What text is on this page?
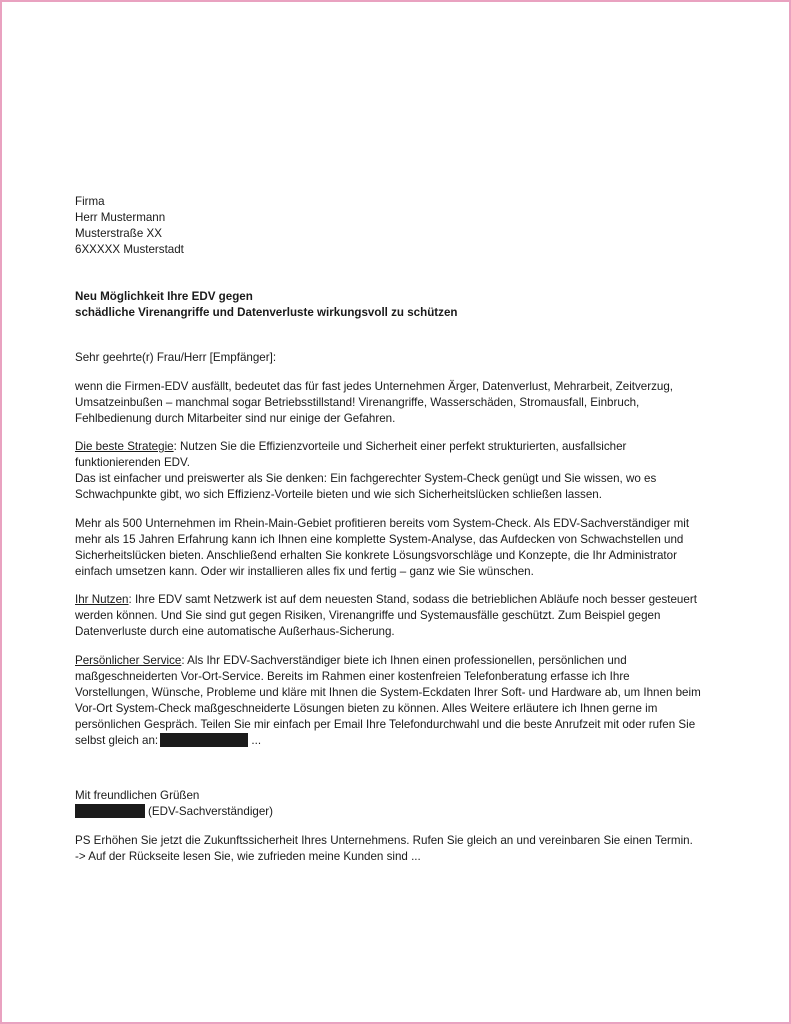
Firma
Herr Mustermann
Musterstraße XX
6XXXXX Musterstadt
Neu Möglichkeit Ihre EDV gegen
schädliche Virenangriffe und Datenverluste wirkungsvoll zu schützen
Sehr geehrte(r) Frau/Herr [Empfänger]:
wenn die Firmen-EDV ausfällt, bedeutet das für fast jedes Unternehmen Ärger, Datenverlust, Mehrarbeit, Zeitverzug,
Umsatzeinbußen – manchmal sogar Betriebsstillstand! Virenangriffe, Wasserschäden, Stromausfall, Einbruch,
Fehlbedienung durch Mitarbeiter sind nur einige der Gefahren.
Die beste Strategie: Nutzen Sie die Effizienzvorteile und Sicherheit einer perfekt strukturierten, ausfallsicher
funktionierenden EDV.
Das ist einfacher und preiswerter als Sie denken: Ein fachgerechter System-Check genügt und Sie wissen, wo es
Schwachpunkte gibt, wo sich Effizienz-Vorteile bieten und wie sich Sicherheitslücken schließen lassen.
Mehr als 500 Unternehmen im Rhein-Main-Gebiet profitieren bereits vom System-Check. Als EDV-Sachverständiger mit
mehr als 15 Jahren Erfahrung kann ich Ihnen eine komplette System-Analyse, das Aufdecken von Schwachstellen und
Sicherheitslücken bieten. Anschließend erhalten Sie konkrete Lösungsvorschläge und Konzepte, die Ihr Administrator
einfach umsetzen kann. Oder wir installieren alles fix und fertig – ganz wie Sie wünschen.
Ihr Nutzen: Ihre EDV samt Netzwerk ist auf dem neuesten Stand, sodass die betrieblichen Abläufe noch besser gesteuert
werden können. Und Sie sind gut gegen Risiken, Virenangriffe und Systemausfälle geschützt. Zum Beispiel gegen
Datenverluste durch eine automatische Außerhaus-Sicherung.
Persönlicher Service: Als Ihr EDV-Sachverständiger biete ich Ihnen einen professionellen, persönlichen und
maßgeschneiderten Vor-Ort-Service. Bereits im Rahmen einer kostenfreien Telefonberatung erfasse ich Ihre
Vorstellungen, Wünsche, Probleme und kläre mit Ihnen die System-Eckdaten Ihrer Soft- und Hardware ab, um Ihnen beim
Vor-Ort System-Check maßgeschneiderte Lösungen bieten zu können. Alles Weitere erläutere ich Ihnen gerne im
persönlichen Gespräch. Teilen Sie mir einfach per Email Ihre Telefondurchwahl und die beste Anrufzeit mit oder rufen Sie
selbst gleich an:	...
Mit freundlichen Grüßen
(EDV-Sachverständiger)
PS Erhöhen Sie jetzt die Zukunftssicherheit Ihres Unternehmens. Rufen Sie gleich an und vereinbaren Sie einen Termin.
-> Auf der Rückseite lesen Sie, wie zufrieden meine Kunden sind ...
